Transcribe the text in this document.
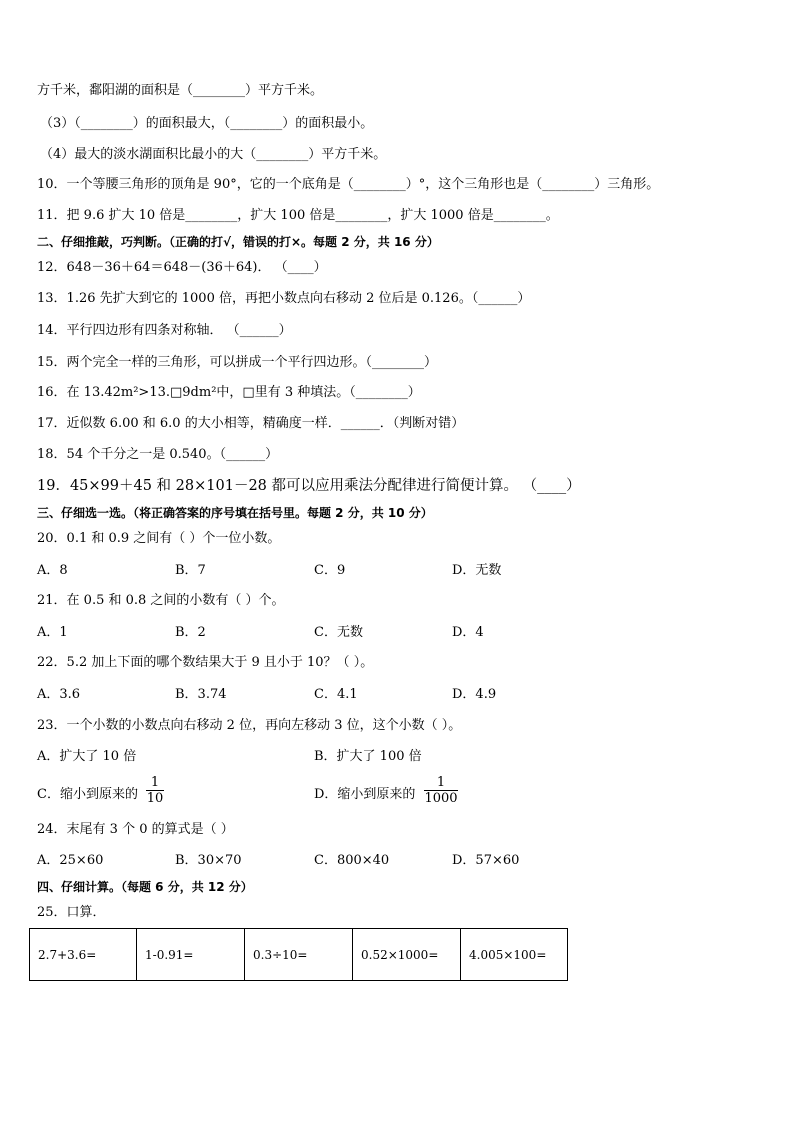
方千米，鄱阳湖的面积是（________）平方千米。
（3）（________）的面积最大，（________）的面积最小。
（4）最大的淡水湖面积比最小的大（________）平方千米。
10．一个等腰三角形的顶角是 90°，它的一个底角是（________）°，这个三角形也是（________）三角形。
11．把 9.6 扩大 10 倍是________，扩大 100 倍是________，扩大 1000 倍是________。
二、仔细推敲，巧判断。（正确的打√，错误的打×。每题 2 分，共 16 分）
12．648－36＋64＝648－(36＋64)． （____）
13．1.26 先扩大到它的 1000 倍，再把小数点向右移动 2 位后是 0.126。（______）
14．平行四边形有四条对称轴． （______）
15．两个完全一样的三角形，可以拼成一个平行四边形。（________）
16．在 13.42m²>13.□9dm²中，□里有 3 种填法。（________）
17．近似数 6.00 和 6.0 的大小相等，精确度一样．______．（判断对错）
18．54 个千分之一是 0.540。（______）
19．45×99＋45 和 28×101－28 都可以应用乘法分配律进行简便计算。 （____）
三、仔细选一选。（将正确答案的序号填在括号里。每题 2 分，共 10 分）
20．0.1 和 0.9 之间有（ ）个一位小数。
A．8	B．7	C．9	D．无数
21．在 0.5 和 0.8 之间的小数有（ ）个。
A．1	B．2	C．无数	D．4
22．5.2 加上下面的哪个数结果大于 9 且小于 10？（ ）。
A．3.6	B．3.74	C．4.1	D．4.9
23．一个小数的小数点向右移动 2 位，再向左移动 3 位，这个小数（ ）。
A．扩大了 10 倍	B．扩大了 100 倍
C．缩小到原来的 $\frac{1}{10}$	D．缩小到原来的 $\frac{1}{1000}$
24．末尾有 3 个 0 的算式是（ ）
A．25×60	B．30×70	C．800×40	D．57×60
四、仔细计算。（每题 6 分，共 12 分）
25．口算．
2.7+3.6=	1-0.91=	0.3÷10=	0.52×1000=	4.005×100=
